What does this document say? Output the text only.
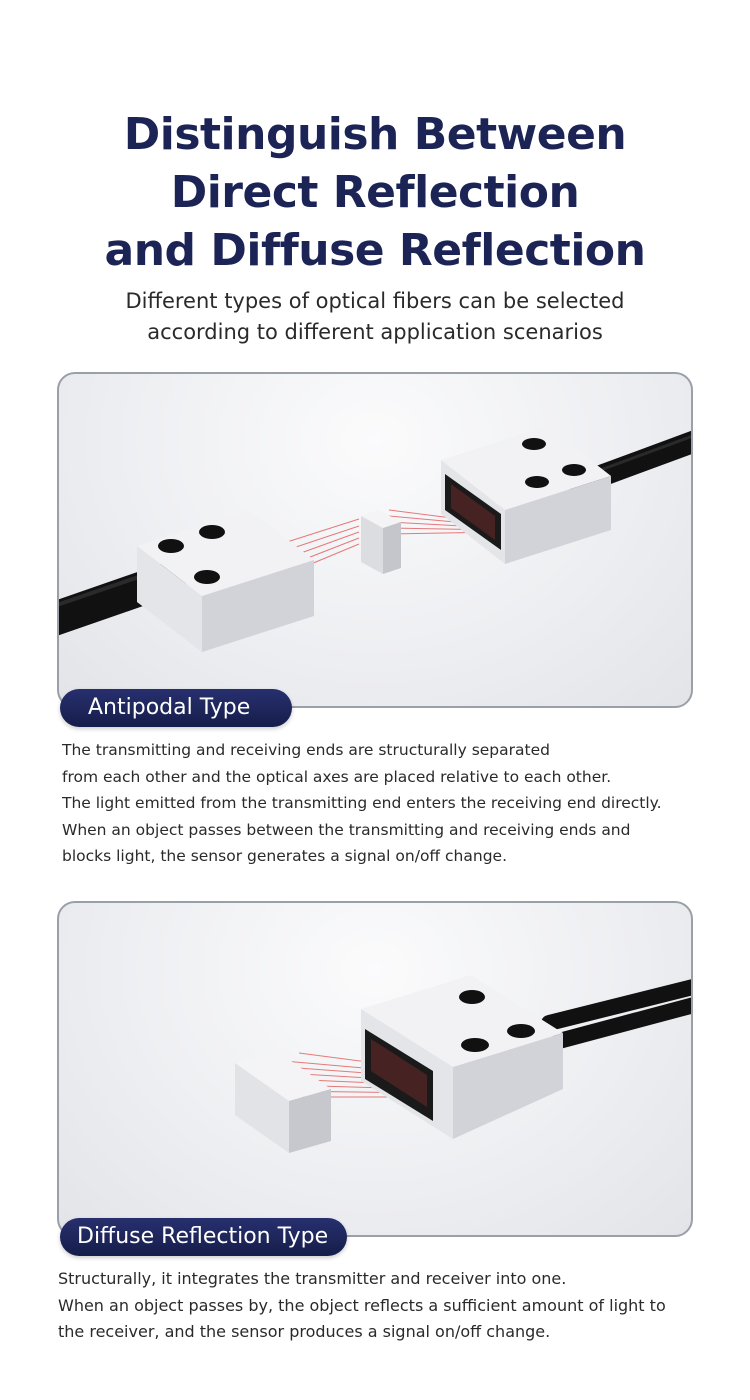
Distinguish Between
Direct Reflection
and Diffuse Reflection
Different types of optical fibers can be selected
according to different application scenarios
Antipodal Type
The transmitting and receiving ends are structurally separated
from each other and the optical axes are placed relative to each other.
The light emitted from the transmitting end enters the receiving end directly.
When an object passes between the transmitting and receiving ends and
blocks light, the sensor generates a signal on/off change.
Diffuse Reflection Type
Structurally, it integrates the transmitter and receiver into one.
When an object passes by, the object reflects a sufficient amount of light to
the receiver, and the sensor produces a signal on/off change.
